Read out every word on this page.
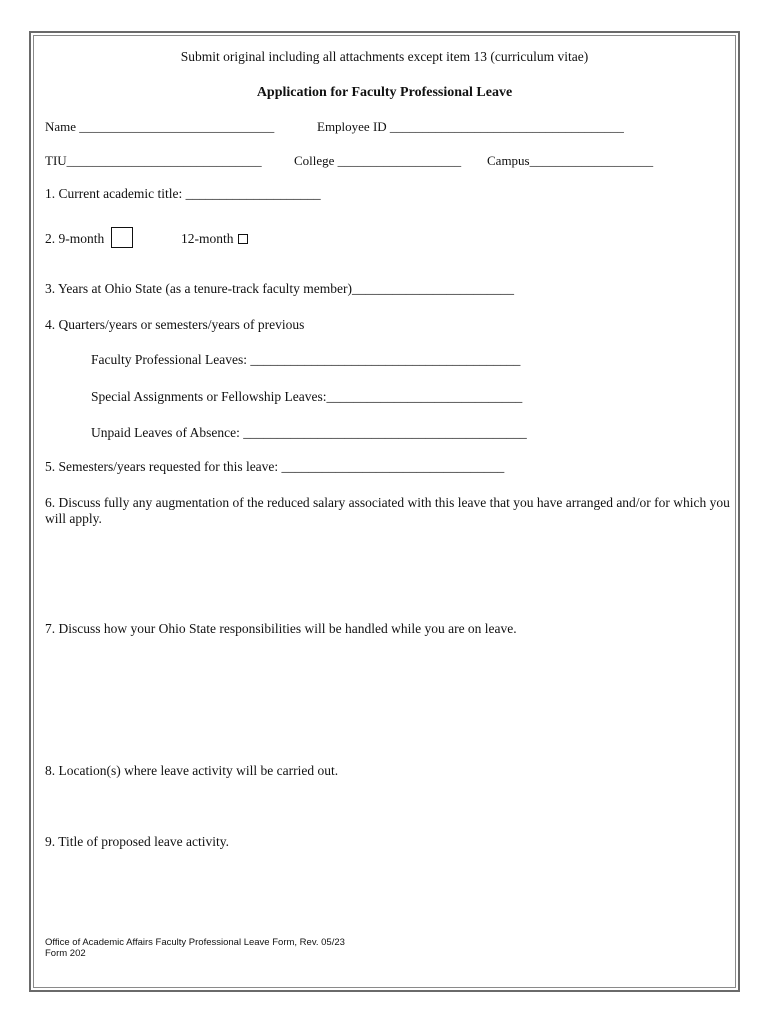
Submit original including all attachments except item 13 (curriculum vitae)
Application for Faculty Professional Leave
Name ______________________________	Employee ID ____________________________________
TIU______________________________ College ___________________ Campus___________________
1. Current academic title: ____________________
2. 9-month	12-month
3. Years at Ohio State (as a tenure-track faculty member)________________________
4. Quarters/years or semesters/years of previous
Faculty Professional Leaves: ________________________________________
Special Assignments or Fellowship Leaves:_____________________________
Unpaid Leaves of Absence: __________________________________________
5. Semesters/years requested for this leave: _________________________________
6. Discuss fully any augmentation of the reduced salary associated with this leave that you have arranged and/or for which you will apply.
7. Discuss how your Ohio State responsibilities will be handled while you are on leave.
8. Location(s) where leave activity will be carried out.
9. Title of proposed leave activity.
Office of Academic Affairs Faculty Professional Leave Form, Rev. 05/23
Form 202
